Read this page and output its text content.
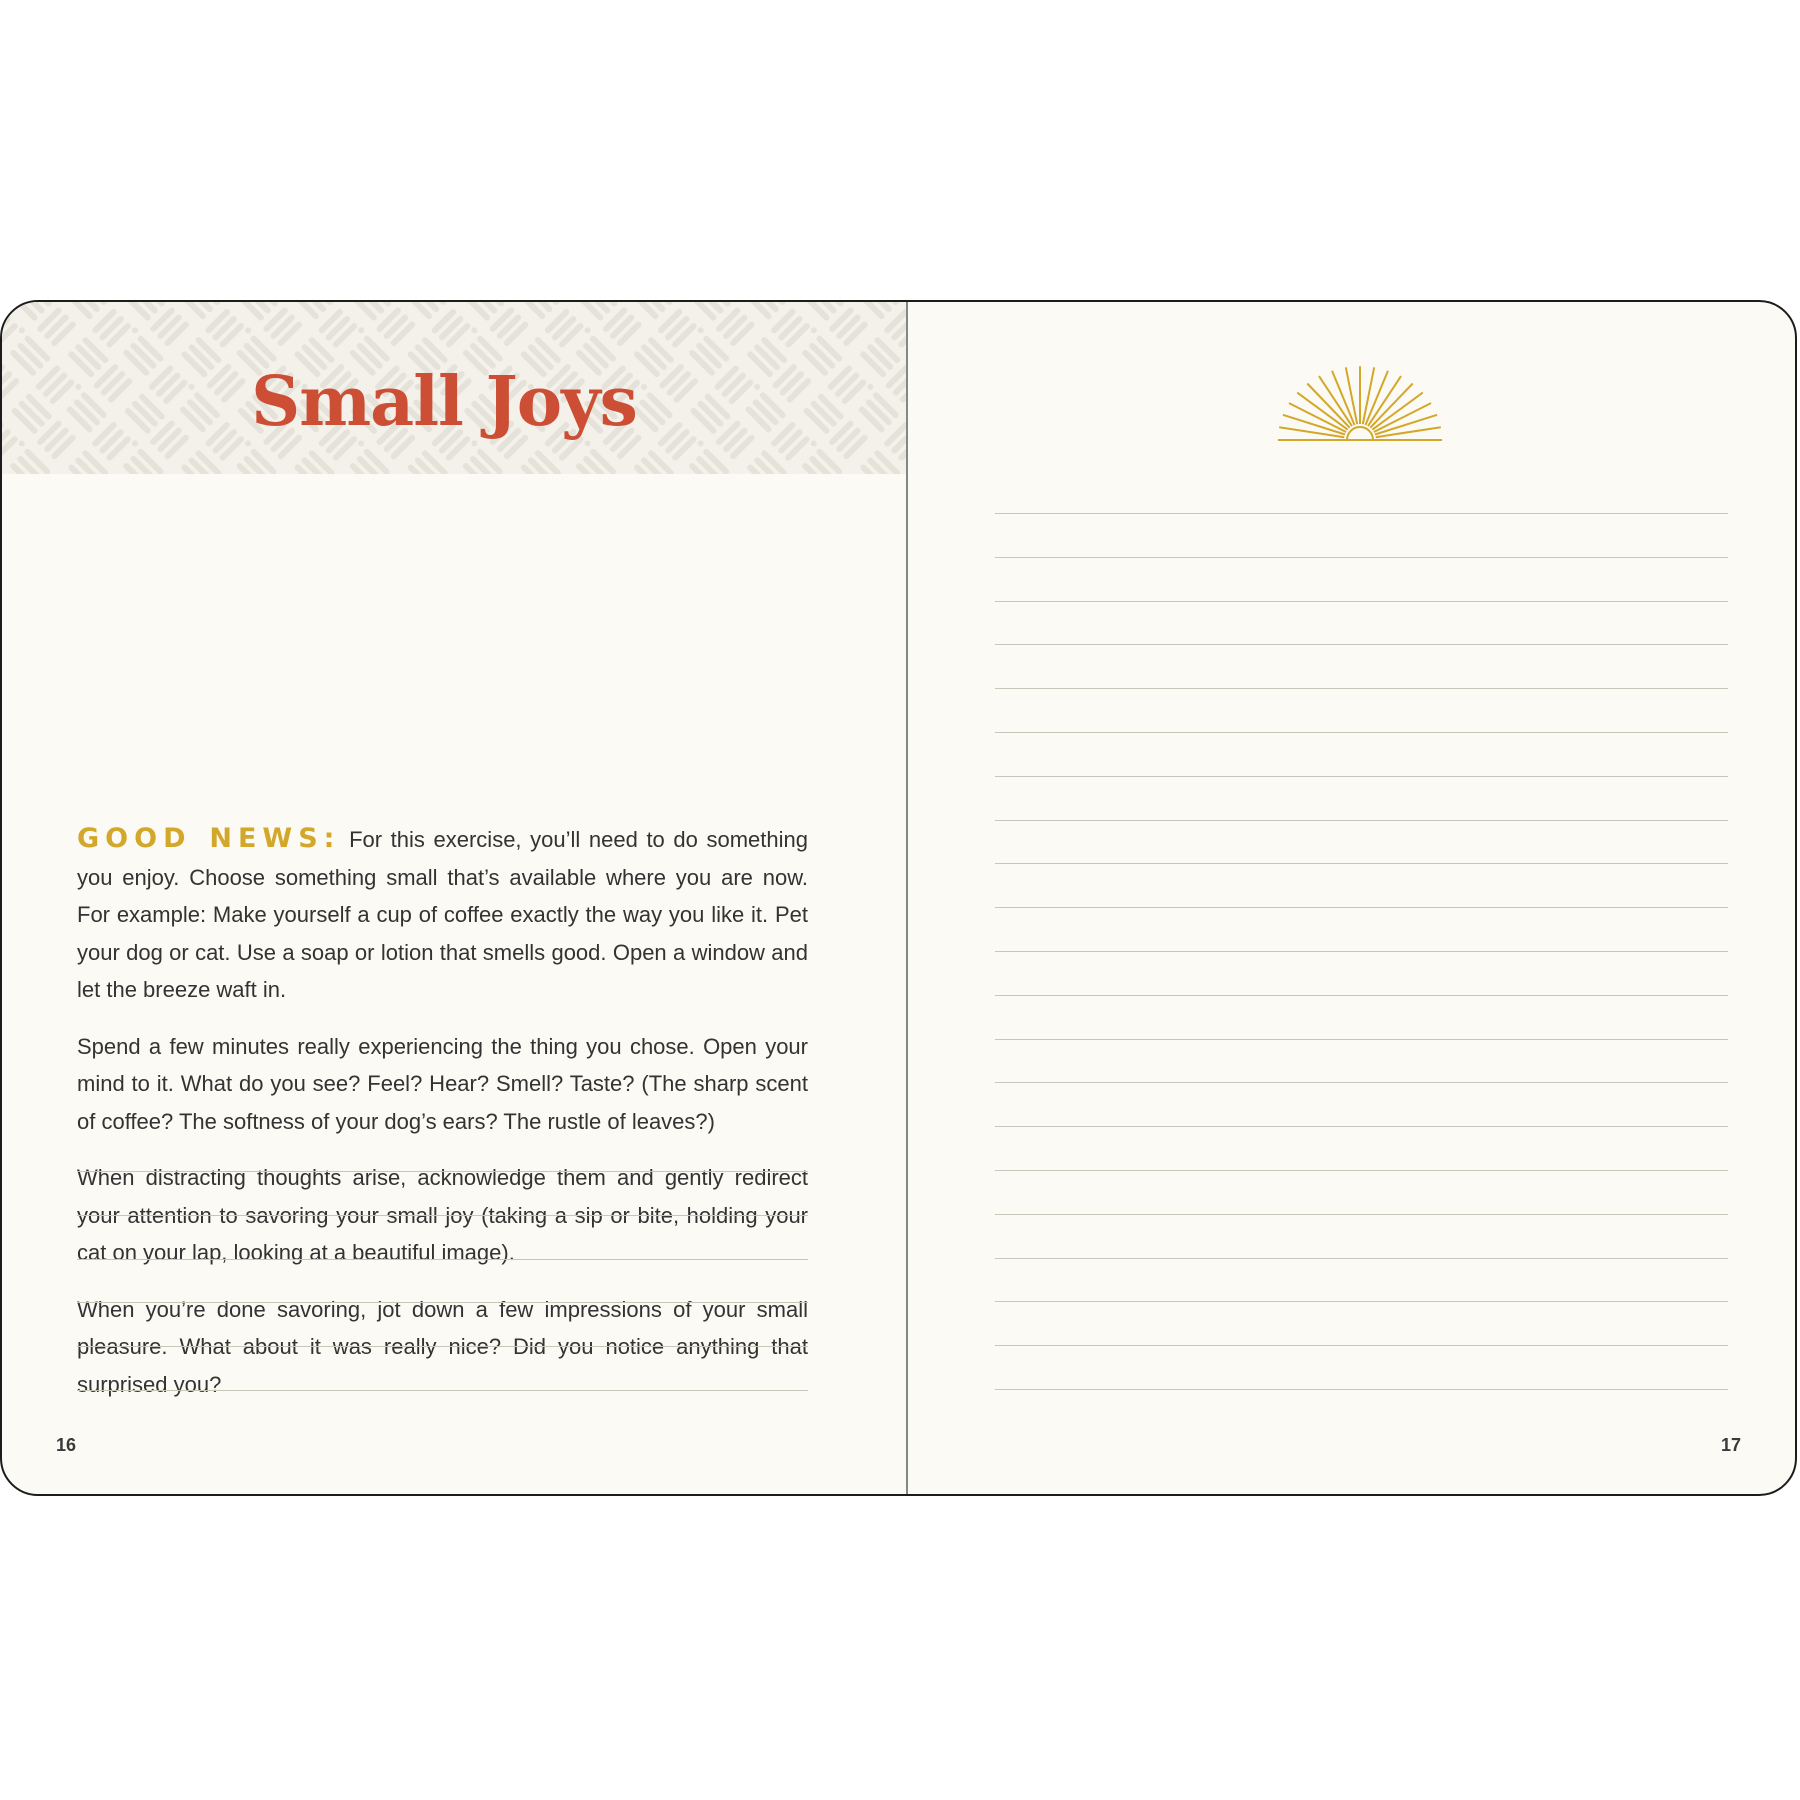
Small Joys

GOOD NEWS: For this exercise, you’ll need to do something you enjoy. Choose something small that’s available where you are now. For example: Make yourself a cup of coffee exactly the way you like it. Pet your dog or cat. Use a soap or lotion that smells good. Open a window and let the breeze waft in.

Spend a few minutes really experiencing the thing you chose. Open your mind to it. What do you see? Feel? Hear? Smell? Taste? (The sharp scent of coffee? The softness of your dog’s ears? The rustle of leaves?)

When distracting thoughts arise, acknowledge them and gently redirect your attention to savoring your small joy (taking a sip or bite, holding your cat on your lap, looking at a beautiful image).

When you’re done savoring, jot down a few impressions of your small pleasure. What about it was really nice? Did you notice anything that surprised you?

16	17
